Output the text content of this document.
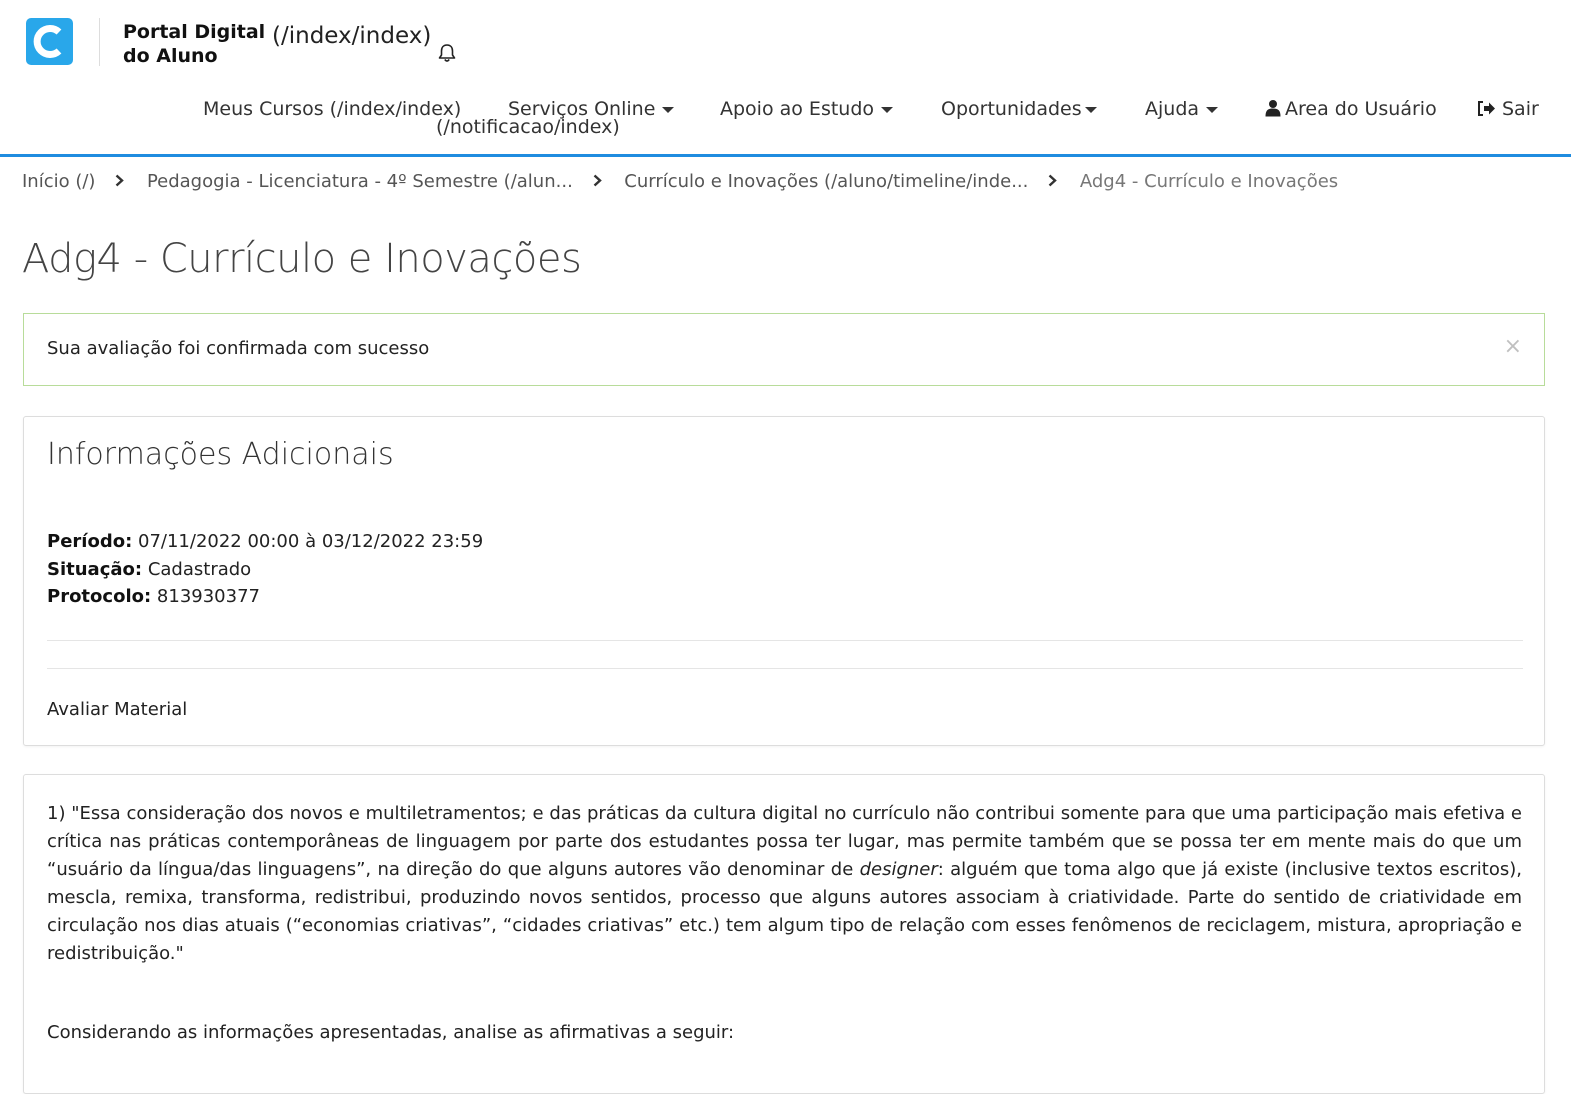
Portal Digital
do Aluno
(/index/index)
Meus Cursos (/index/index) Serviços Online
(/notificacao/index)
Apoio ao Estudo	Oportunidades	Ajuda	Area do Usuário	Sair
Início (/)	Pedagogia - Licenciatura - 4º Semestre (/alun...	Currículo e Inovações (/aluno/timeline/inde...	Adg4 - Currículo e Inovações
Adg4 - Currículo e Inovações
Sua avaliação foi confirmada com sucesso	×
Informações Adicionais
Período: 07/11/2022 00:00 à 03/12/2022 23:59
Situação: Cadastrado
Protocolo: 813930377
Avaliar Material
1) "Essa consideração dos novos e multiletramentos; e das práticas da cultura digital no currículo não contribui somente para que uma participação mais efetiva e crítica nas práticas contemporâneas de linguagem por parte dos estudantes possa ter lugar, mas permite também que se possa ter em mente mais do que um “usuário da língua/das linguagens”, na direção do que alguns autores vão denominar de designer: alguém que toma algo que já existe (inclusive textos escritos), mescla, remixa, transforma, redistribui, produzindo novos sentidos, processo que alguns autores associam à criatividade. Parte do sentido de criatividade em circulação nos dias atuais (“economias criativas”, “cidades criativas” etc.) tem algum tipo de relação com esses fenômenos de reciclagem, mistura, apropriação e redistribuição."
Considerando as informações apresentadas, analise as afirmativas a seguir:
